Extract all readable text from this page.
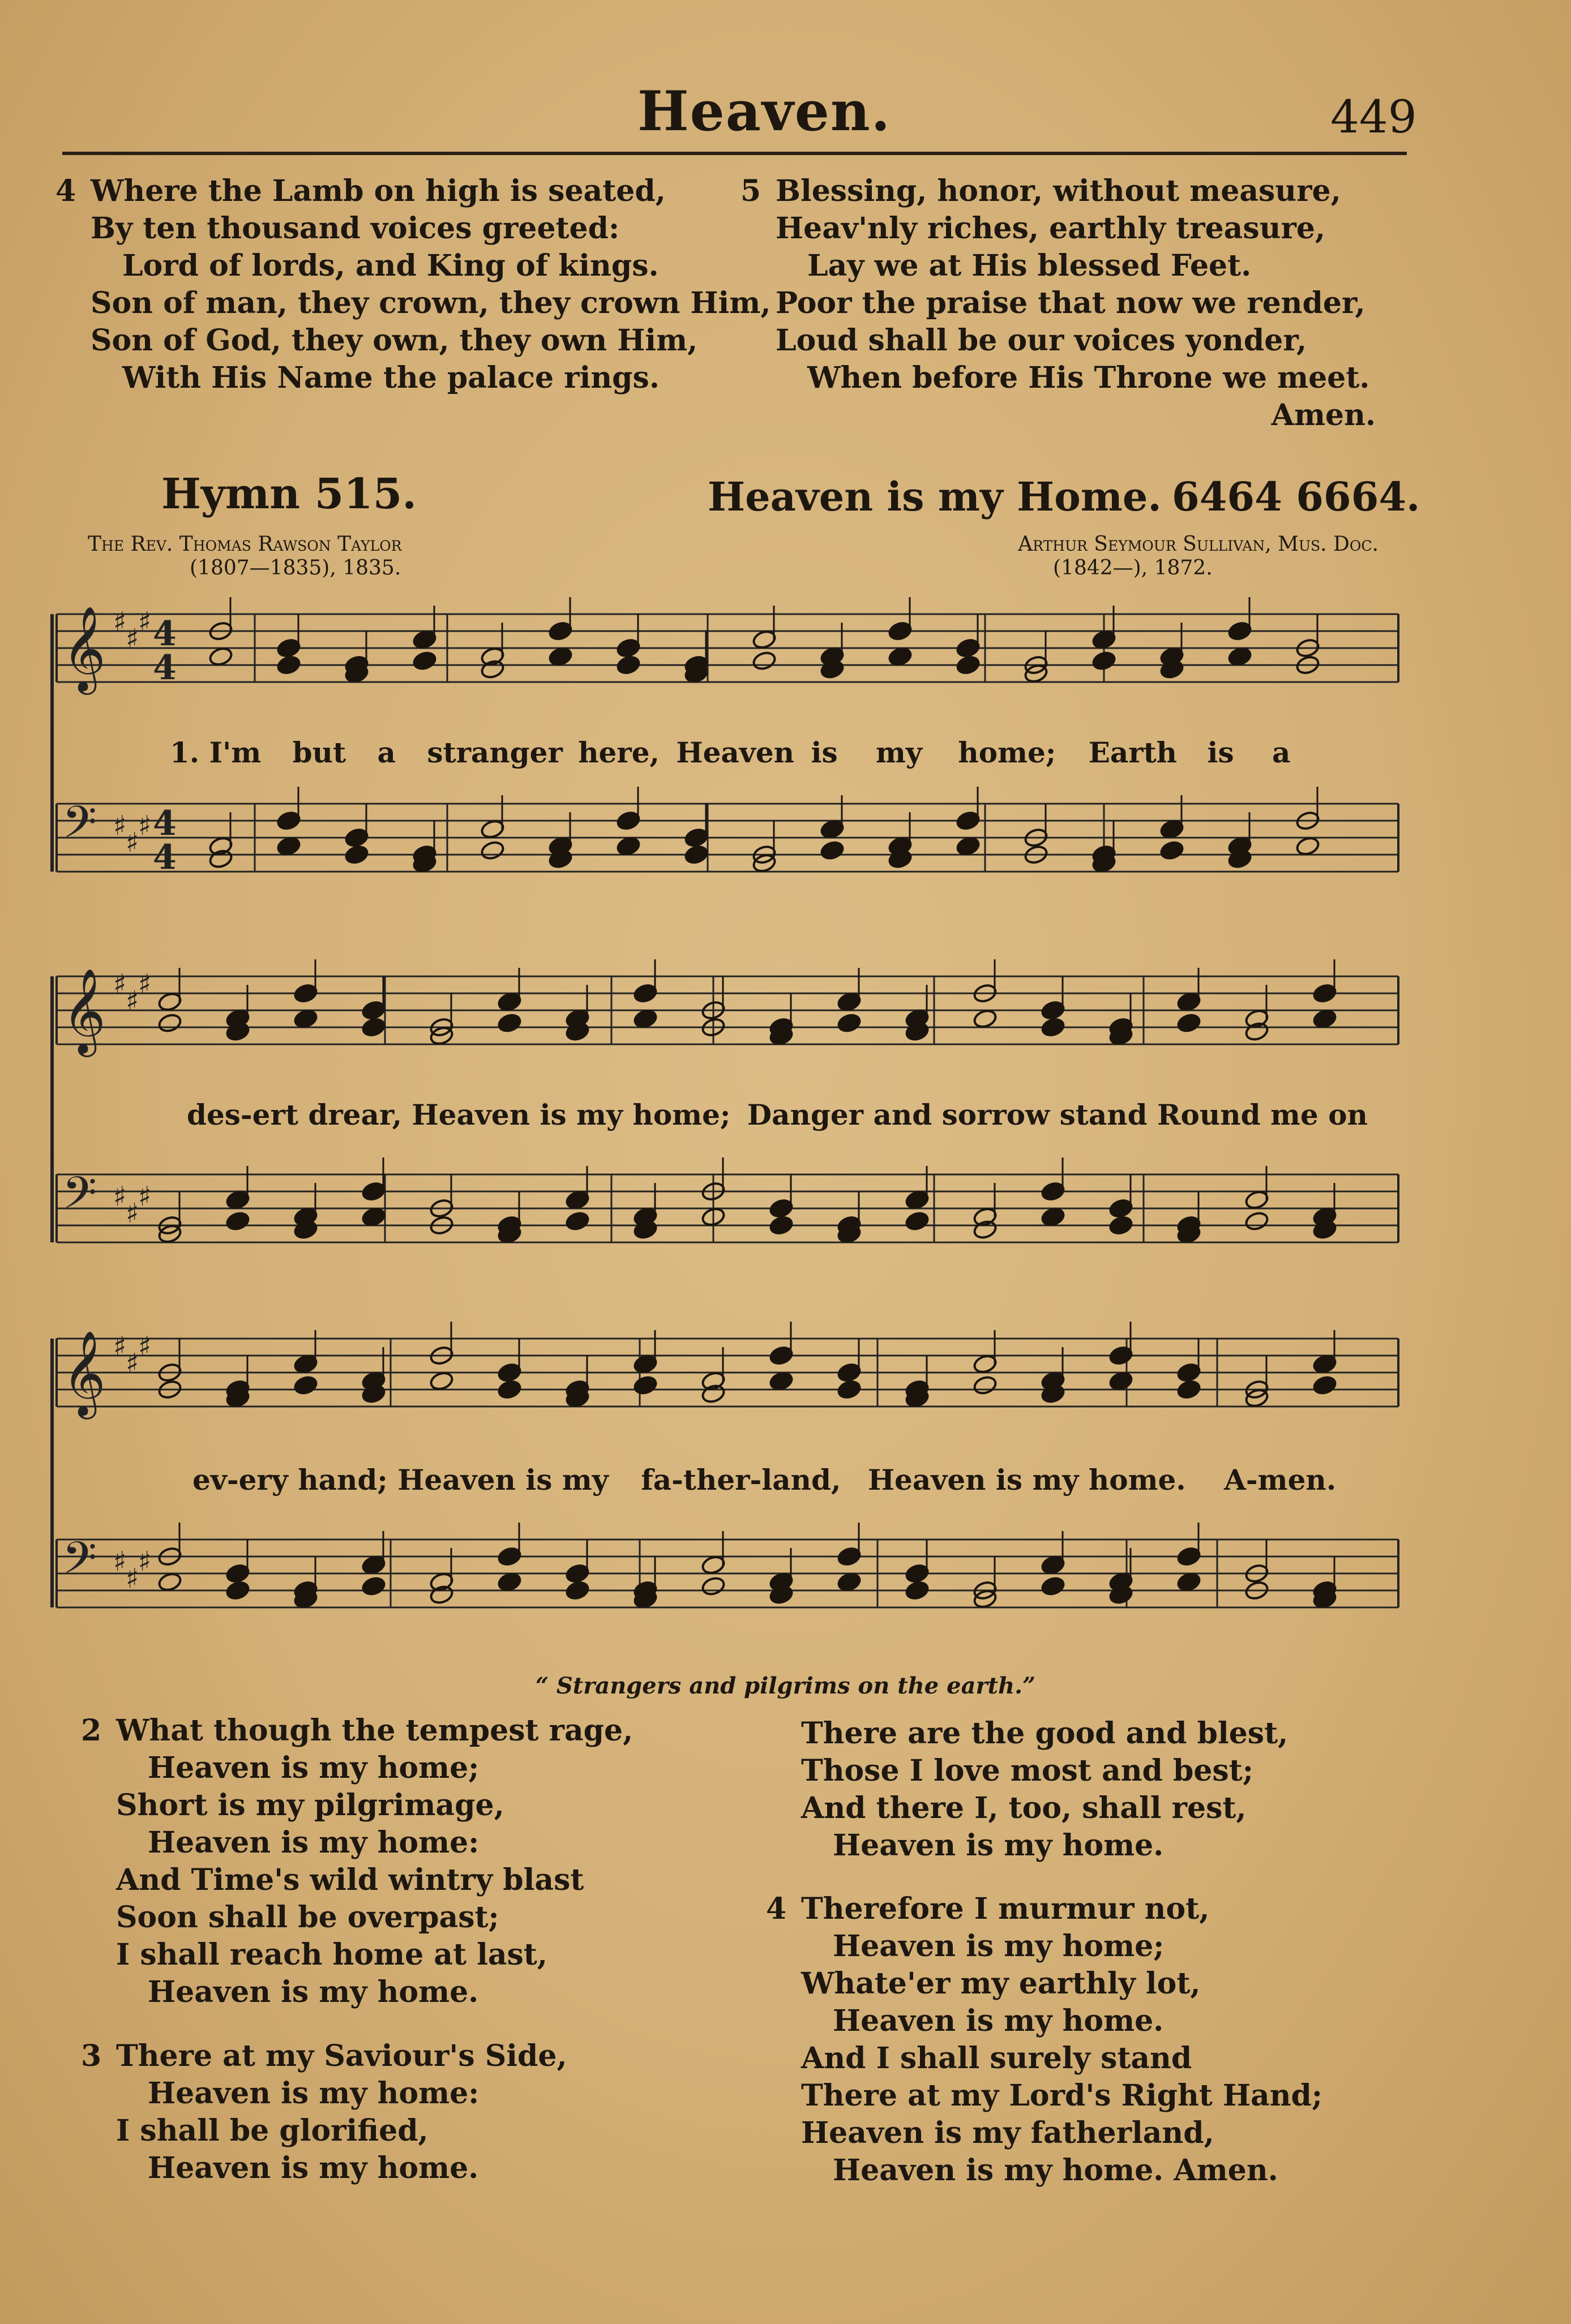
Heaven.	449
4 Where the Lamb on high is seated,
By ten thousand voices greeted:
Lord of lords, and King of kings.
Son of man, they crown, they crown Him,
Son of God, they own, they own Him,
With His Name the palace rings.
5 Blessing, honor, without measure,
Heav'nly riches, earthly treasure,
Lay we at His blessed Feet.
Poor the praise that now we render,
Loud shall be our voices yonder,
When before His Throne we meet.
Amen.
Hymn 515.	Heaven is my Home. 6464 6664.
The Rev. Thomas Rawson Taylor
(1807—1835), 1835.
Arthur Seymour Sullivan, Mus. Doc.
(1842—), 1872.
𝄞 ♯
♯
♯ 4
4
𝄢 ♯
♯
♯ 4
4
𝄞 ♯
♯
♯
𝄢 ♯
♯
♯
𝄞 ♯
♯
♯
𝄢 ♯
♯
♯
1. I'm but a stranger here, Heaven is my home; Earth is a
des-ert drear, Heaven is my home; Danger and sorrow stand Round me on
ev-ery hand; Heaven is my fa-ther-land, Heaven is my home. A-men.
“ Strangers and pilgrims on the earth.”
2 What though the tempest rage,
Heaven is my home;
Short is my pilgrimage,
Heaven is my home:
And Time's wild wintry blast
Soon shall be overpast;
I shall reach home at last,
Heaven is my home.
3 There at my Saviour's Side,
Heaven is my home:
I shall be glorified,
Heaven is my home.
There are the good and blest,
Those I love most and best;
And there I, too, shall rest,
Heaven is my home.
4 Therefore I murmur not,
Heaven is my home;
Whate'er my earthly lot,
Heaven is my home.
And I shall surely stand
There at my Lord's Right Hand;
Heaven is my fatherland,
Heaven is my home. Amen.
